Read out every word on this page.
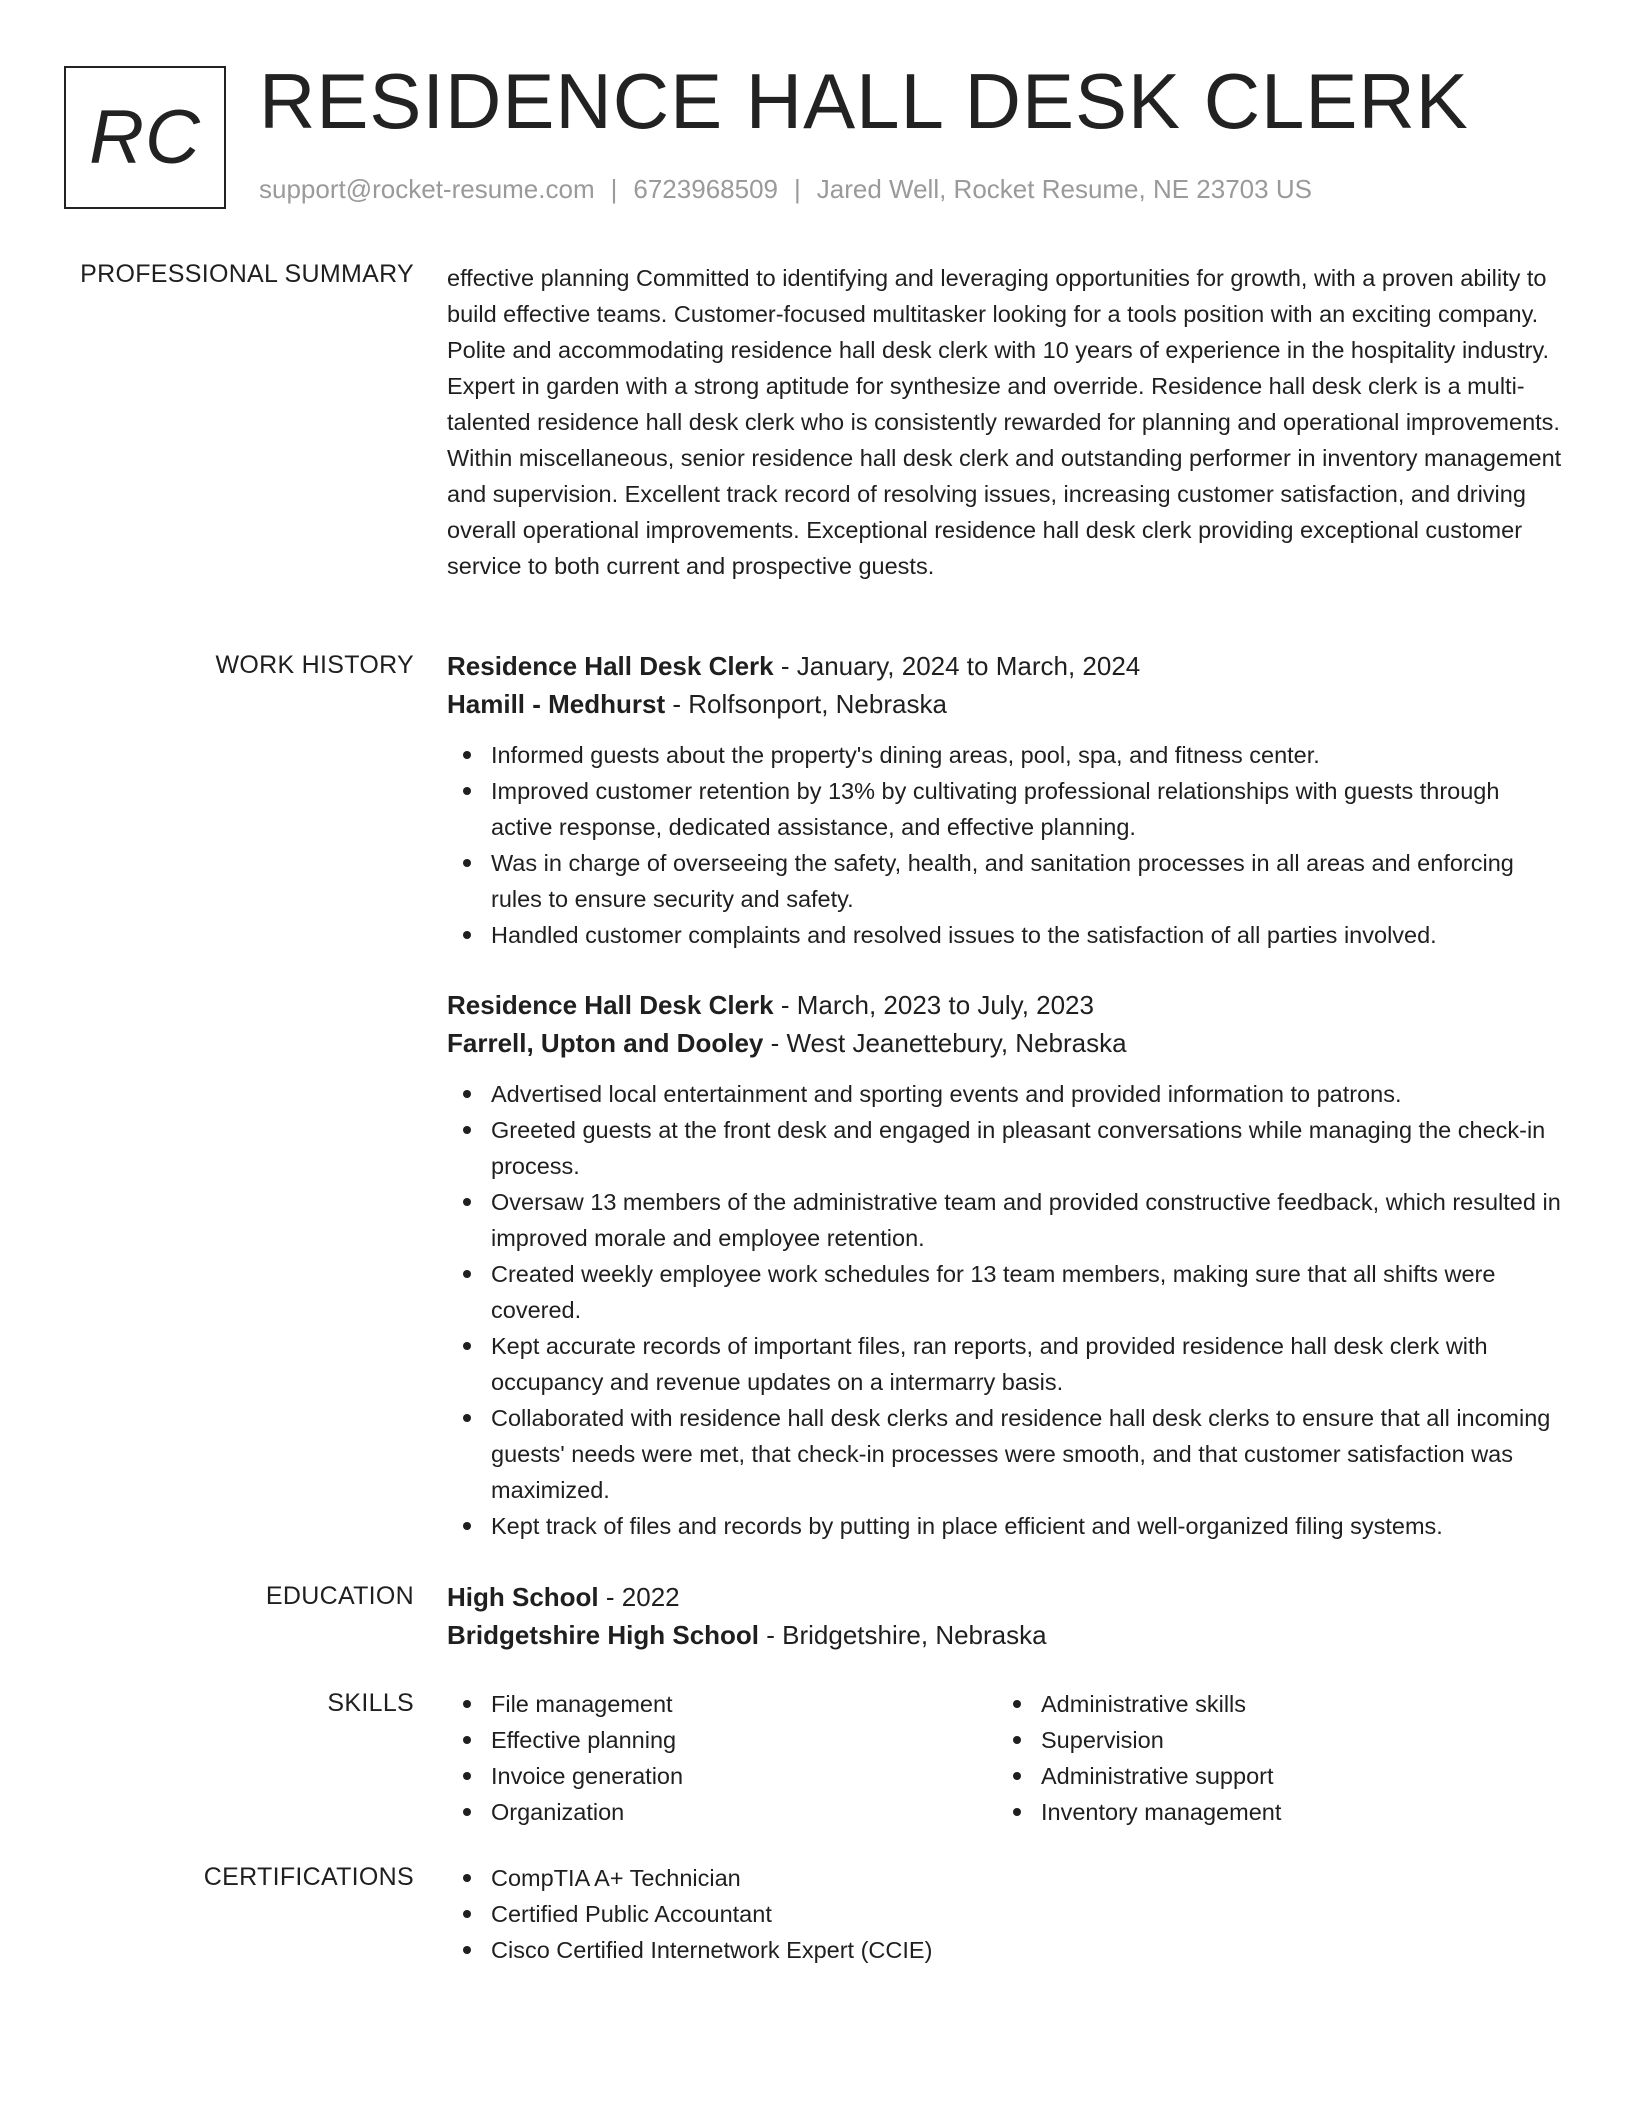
RC RESIDENCE HALL DESK CLERK
support@rocket-resume.com | 6723968509 | Jared Well, Rocket Resume, NE 23703 US
PROFESSIONAL SUMMARY effective planning Committed to identifying and leveraging opportunities for growth, with a proven ability to build effective teams. Customer-focused multitasker looking for a tools position with an exciting company. Polite and accommodating residence hall desk clerk with 10 years of experience in the hospitality industry. Expert in garden with a strong aptitude for synthesize and override. Residence hall desk clerk is a multi-talented residence hall desk clerk who is consistently rewarded for planning and operational improvements. Within miscellaneous, senior residence hall desk clerk and outstanding performer in inventory management and supervision. Excellent track record of resolving issues, increasing customer satisfaction, and driving overall operational improvements. Exceptional residence hall desk clerk providing exceptional customer service to both current and prospective guests.
WORK HISTORY Residence Hall Desk Clerk - January, 2024 to March, 2024
Hamill - Medhurst - Rolfsonport, Nebraska
Informed guests about the property's dining areas, pool, spa, and fitness center.
Improved customer retention by 13% by cultivating professional relationships with guests through active response, dedicated assistance, and effective planning.
Was in charge of overseeing the safety, health, and sanitation processes in all areas and enforcing rules to ensure security and safety.
Handled customer complaints and resolved issues to the satisfaction of all parties involved.
Residence Hall Desk Clerk - March, 2023 to July, 2023
Farrell, Upton and Dooley - West Jeanettebury, Nebraska
Advertised local entertainment and sporting events and provided information to patrons.
Greeted guests at the front desk and engaged in pleasant conversations while managing the check-in process.
Oversaw 13 members of the administrative team and provided constructive feedback, which resulted in improved morale and employee retention.
Created weekly employee work schedules for 13 team members, making sure that all shifts were covered.
Kept accurate records of important files, ran reports, and provided residence hall desk clerk with occupancy and revenue updates on a intermarry basis.
Collaborated with residence hall desk clerks and residence hall desk clerks to ensure that all incoming guests' needs were met, that check-in processes were smooth, and that customer satisfaction was maximized.
Kept track of files and records by putting in place efficient and well-organized filing systems.
EDUCATION High School - 2022
Bridgetshire High School - Bridgetshire, Nebraska
SKILLS	File management
Effective planning
Invoice generation
Organization
Administrative skills
Supervision
Administrative support
Inventory management
CERTIFICATIONS	CompTIA A+ Technician
Certified Public Accountant
Cisco Certified Internetwork Expert (CCIE)
